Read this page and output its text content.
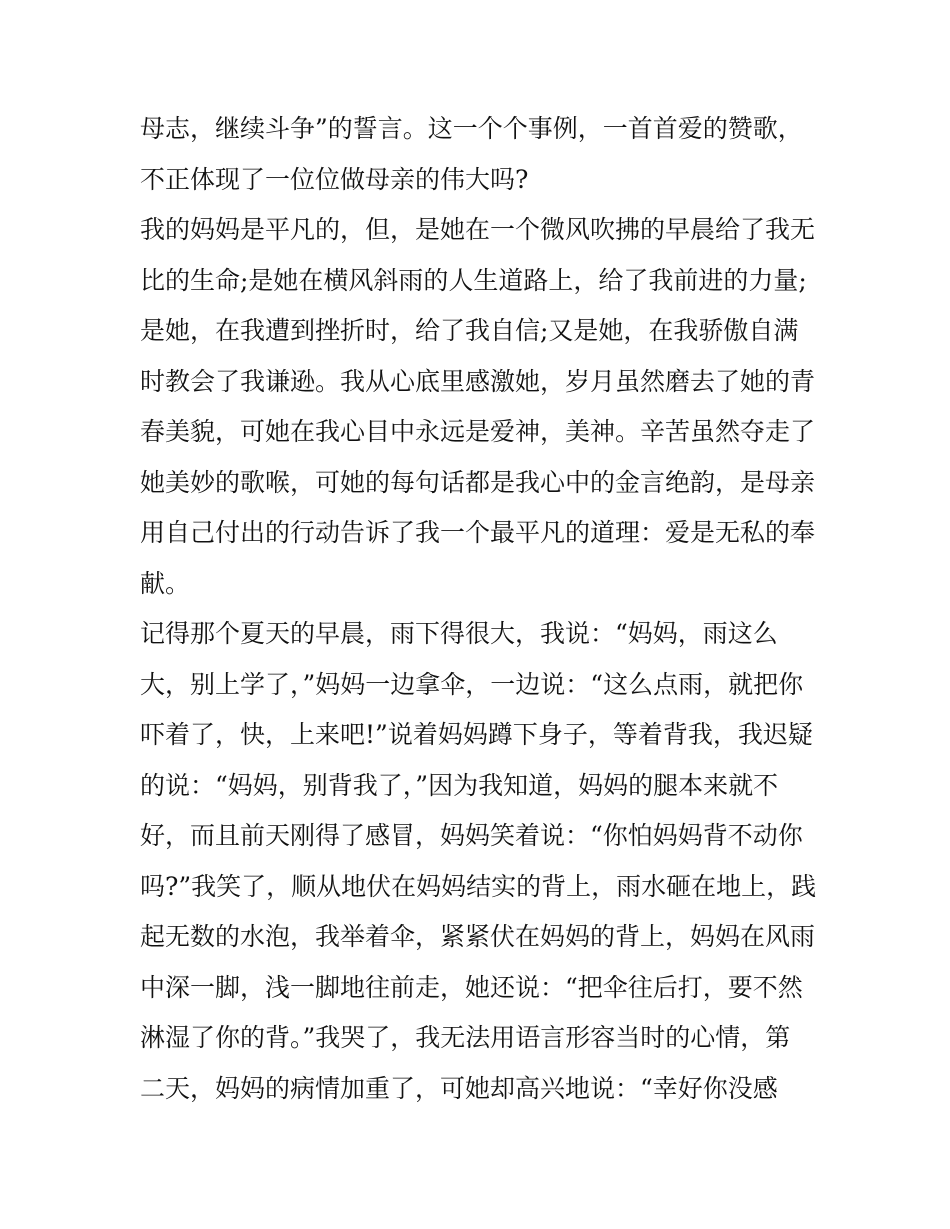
母志，继续斗争”的誓言。这一个个事例，一首首爱的赞歌，
不正体现了一位位做母亲的伟大吗?
我的妈妈是平凡的，但，是她在一个微风吹拂的早晨给了我无
比的生命;是她在横风斜雨的人生道路上，给了我前进的力量;
是她，在我遭到挫折时，给了我自信;又是她，在我骄傲自满
时教会了我谦逊。我从心底里感激她，岁月虽然磨去了她的青
春美貌，可她在我心目中永远是爱神，美神。辛苦虽然夺走了
她美妙的歌喉，可她的每句话都是我心中的金言绝韵，是母亲
用自己付出的行动告诉了我一个最平凡的道理：爱是无私的奉
献。
记得那个夏天的早晨，雨下得很大，我说：“妈妈，雨这么
大，别上学了，”妈妈一边拿伞，一边说：“这么点雨，就把你
吓着了，快，上来吧!”说着妈妈蹲下身子，等着背我，我迟疑
的说：“妈妈，别背我了，”因为我知道，妈妈的腿本来就不
好，而且前天刚得了感冒，妈妈笑着说：“你怕妈妈背不动你
吗?”我笑了，顺从地伏在妈妈结实的背上，雨水砸在地上，践
起无数的水泡，我举着伞，紧紧伏在妈妈的背上，妈妈在风雨
中深一脚，浅一脚地往前走，她还说：“把伞往后打，要不然
淋湿了你的背。”我哭了，我无法用语言形容当时的心情，第
二天，妈妈的病情加重了，可她却高兴地说：“幸好你没感
